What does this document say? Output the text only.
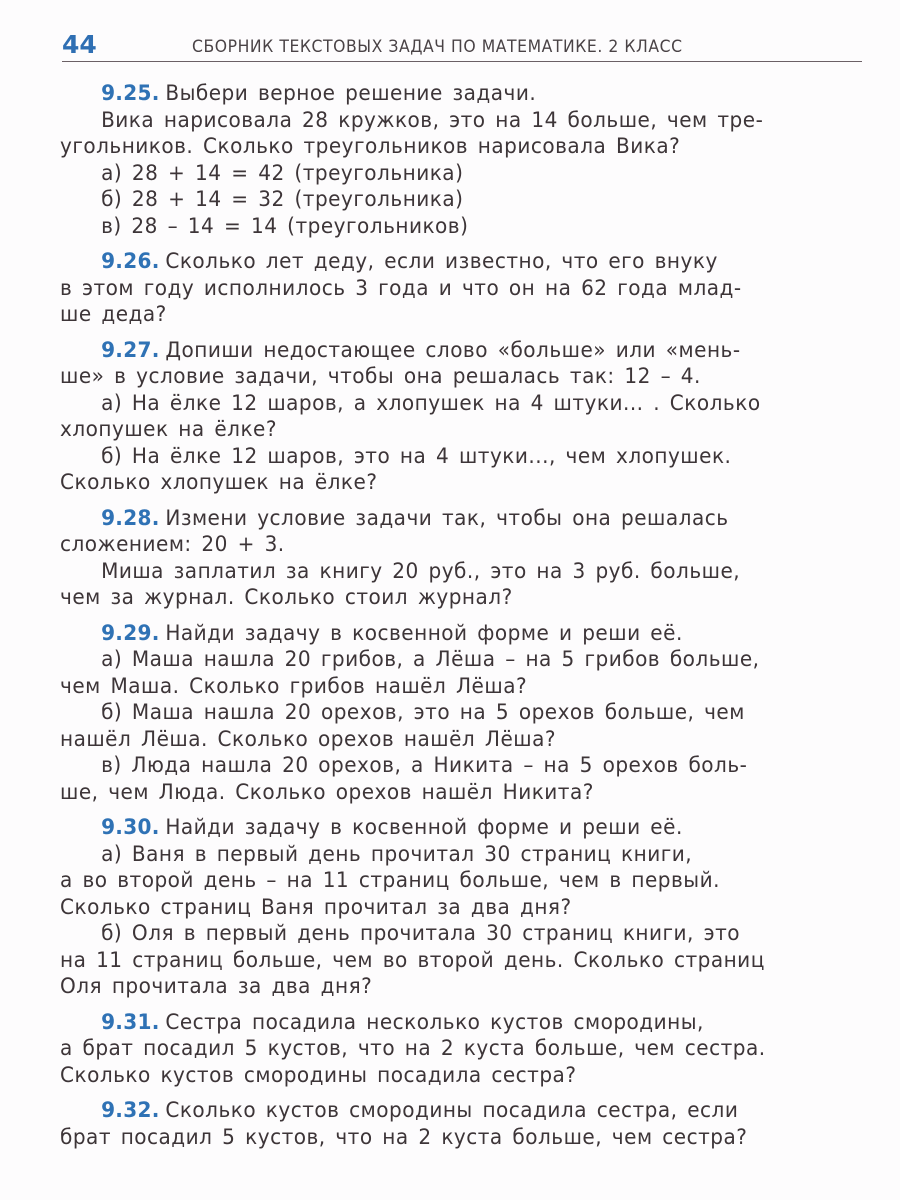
44	СБОРНИК ТЕКСТОВЫХ ЗАДАЧ ПО МАТЕМАТИКЕ. 2 КЛАСС
9.25. Выбери верное решение задачи.
Вика нарисовала 28 кружков, это на 14 больше, чем тре-
угольников. Сколько треугольников нарисовала Вика?
а) 28 + 14 = 42 (треугольника)
б) 28 + 14 = 32 (треугольника)
в) 28 – 14 = 14 (треугольников)
9.26. Сколько лет деду, если известно, что его внуку
в этом году исполнилось 3 года и что он на 62 года млад-
ше деда?
9.27. Допиши недостающее слово «больше» или «мень-
ше» в условие задачи, чтобы она решалась так: 12 – 4.
а) На ёлке 12 шаров, а хлопушек на 4 штуки... . Сколько
хлопушек на ёлке?
б) На ёлке 12 шаров, это на 4 штуки..., чем хлопушек.
Сколько хлопушек на ёлке?
9.28. Измени условие задачи так, чтобы она решалась
сложением: 20 + 3.
Миша заплатил за книгу 20 руб., это на 3 руб. больше,
чем за журнал. Сколько стоил журнал?
9.29. Найди задачу в косвенной форме и реши её.
а) Маша нашла 20 грибов, а Лёша – на 5 грибов больше,
чем Маша. Сколько грибов нашёл Лёша?
б) Маша нашла 20 орехов, это на 5 орехов больше, чем
нашёл Лёша. Сколько орехов нашёл Лёша?
в) Люда нашла 20 орехов, а Никита – на 5 орехов боль-
ше, чем Люда. Сколько орехов нашёл Никита?
9.30. Найди задачу в косвенной форме и реши её.
а) Ваня в первый день прочитал 30 страниц книги,
а во второй день – на 11 страниц больше, чем в первый.
Сколько страниц Ваня прочитал за два дня?
б) Оля в первый день прочитала 30 страниц книги, это
на 11 страниц больше, чем во второй день. Сколько страниц
Оля прочитала за два дня?
9.31. Сестра посадила несколько кустов смородины,
а брат посадил 5 кустов, что на 2 куста больше, чем сестра.
Сколько кустов смородины посадила сестра?
9.32. Сколько кустов смородины посадила сестра, если
брат посадил 5 кустов, что на 2 куста больше, чем сестра?
